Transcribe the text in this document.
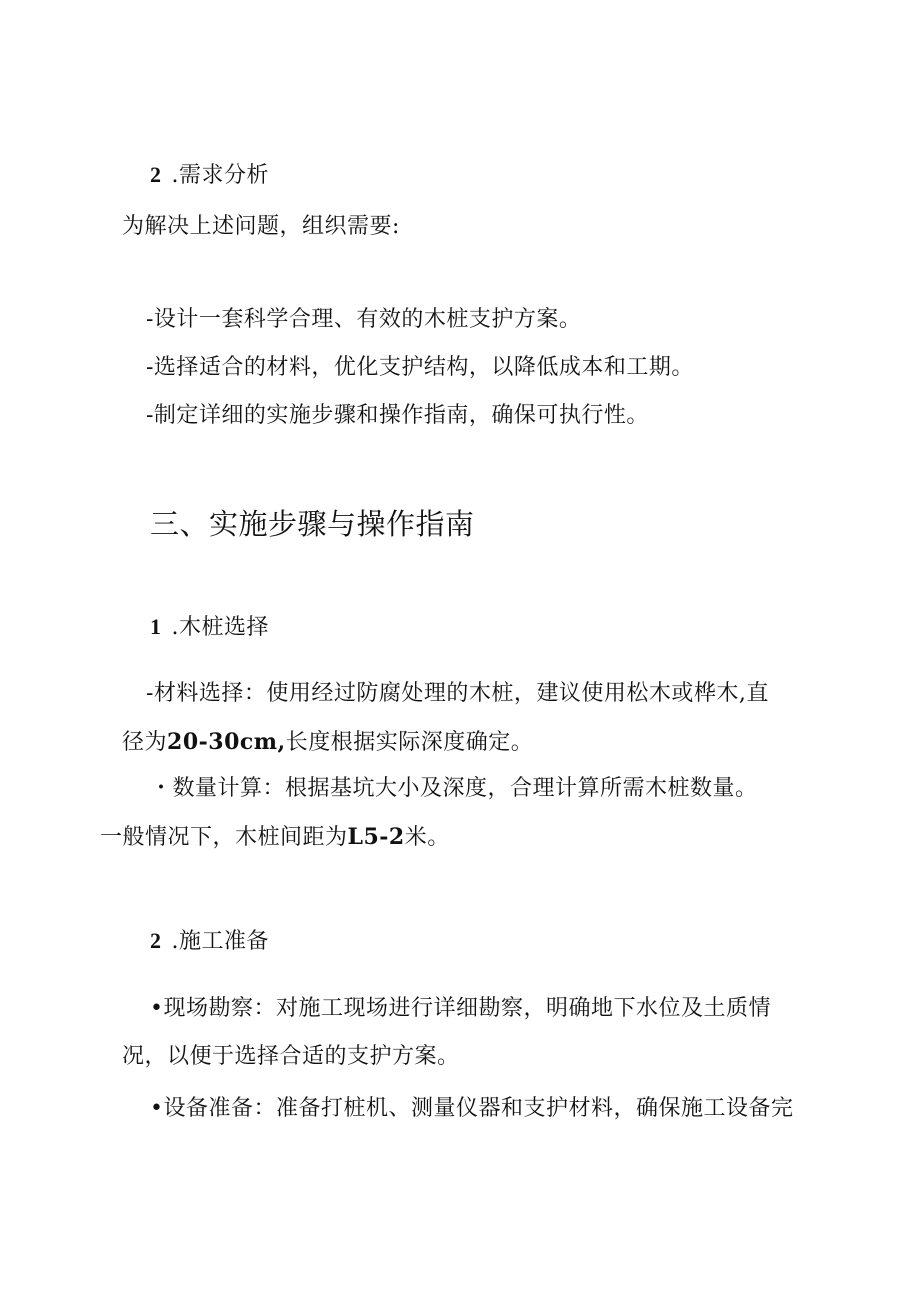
2 .需求分析
为解决上述问题，组织需要:
-设计一套科学合理、有效的木桩支护方案。
-选择适合的材料，优化支护结构，以降低成本和工期。
-制定详细的实施步骤和操作指南，确保可执行性。
三、实施步骤与操作指南
1 .木桩选择
-材料选择：使用经过防腐处理的木桩，建议使用松木或桦木,直
径为20-30cm,长度根据实际深度确定。
・数量计算：根据基坑大小及深度，合理计算所需木桩数量。
一般情况下，木桩间距为L5-2米。
2 .施工准备
•现场勘察：对施工现场进行详细勘察，明确地下水位及土质情
况，以便于选择合适的支护方案。
•设备准备：准备打桩机、测量仪器和支护材料，确保施工设备完
